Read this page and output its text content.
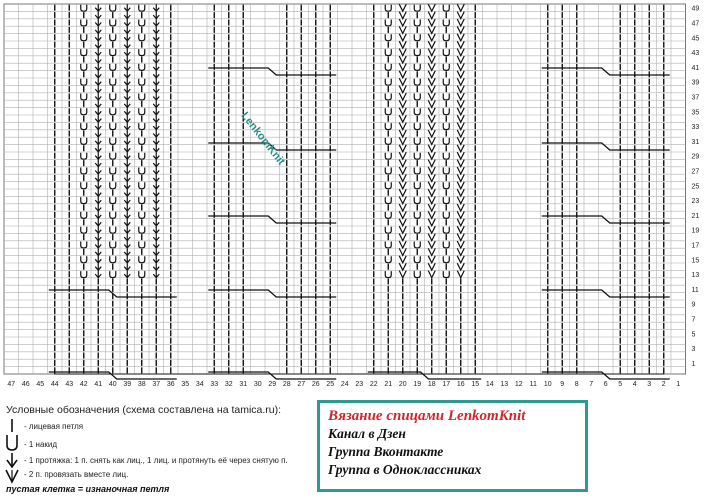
49
47
45
43
41
39
37
35
33
31
29
27
25
23
21
19
17
15
13
11
9
7
5
3
1
47 46 45 44 43 42 41 40 39 38 37 36 35 34 33 32 31 30 29 28 27 26 25 24 23 22 21 20 19 18 17 16 15 14 13 12 11 10 9 8 7 6 5 4 3 2 1
LenkomKnit
Условные обозначения (схема составлена на tamica.ru):
- лицевая петля
- 1 накид
- 1 протяжка: 1 п. снять как лиц., 1 лиц. и протянуть её через снятую п.
- 2 п. провязать вместе лиц.
пустая клетка = изнаночная петля
Вязание спицами LenkomKnit
Канал в Дзен
Группа Вконтакте
Группа в Одноклассниках
